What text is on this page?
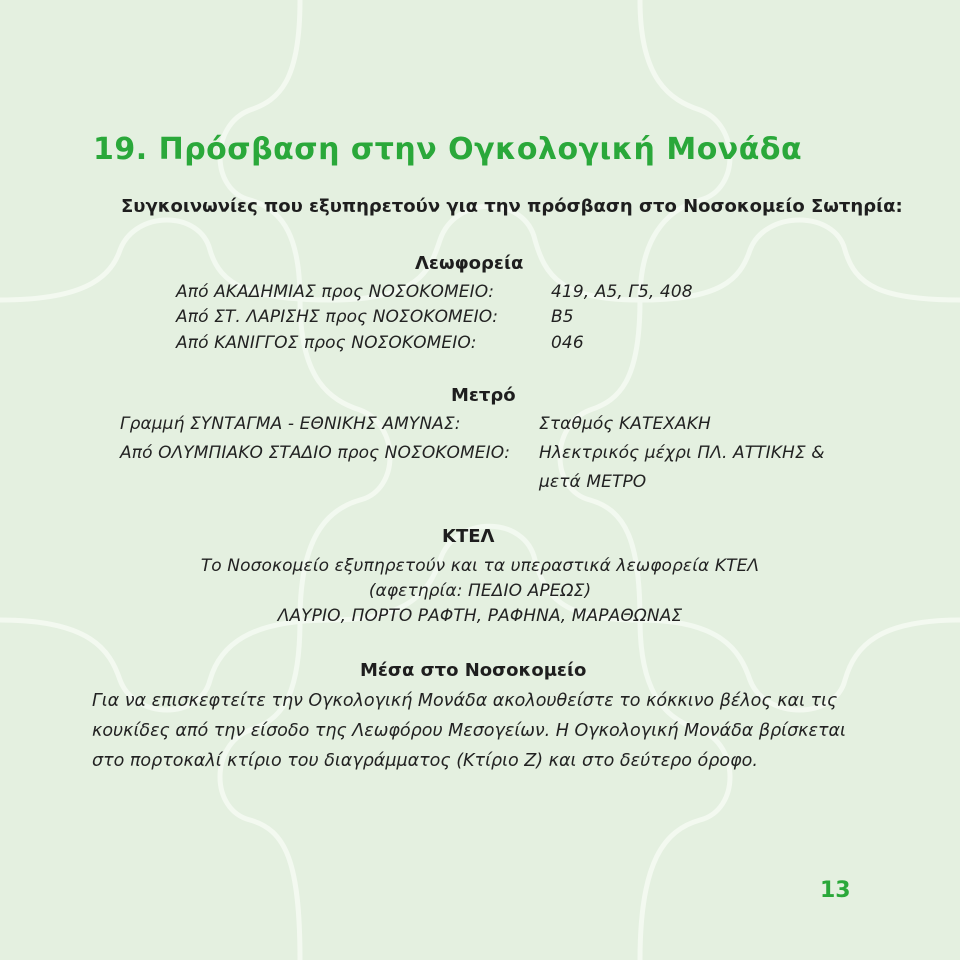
19. Πρόσβαση στην Ογκολογική Μονάδα

Συγκοινωνίες που εξυπηρετούν για την πρόσβαση στο Νοσοκομείο Σωτηρία:

Λεωφορεία
Από ΑΚΑΔΗΜΙΑΣ προς ΝΟΣΟΚΟΜΕΙΟ:	419, Α5, Γ5, 408
Από ΣΤ. ΛΑΡΙΣΗΣ προς ΝΟΣΟΚΟΜΕΙΟ:	Β5
Από ΚΑΝΙΓΓΟΣ προς ΝΟΣΟΚΟΜΕΙΟ:	046
Μετρό
Γραμμή ΣΥΝΤΑΓΜΑ - ΕΘΝΙΚΗΣ ΑΜΥΝΑΣ:	Σταθμός ΚΑΤΕΧΑΚΗ
Από ΟΛΥΜΠΙΑΚΟ ΣΤΑΔΙΟ προς ΝΟΣΟΚΟΜΕΙΟ: Ηλεκτρικός μέχρι ΠΛ. ΑΤΤΙΚΗΣ &
μετά ΜΕΤΡΟ
ΚΤΕΛ
Το Νοσοκομείο εξυπηρετούν και τα υπεραστικά λεωφορεία ΚΤΕΛ
(αφετηρία: ΠΕΔΙΟ ΑΡΕΩΣ)
ΛΑΥΡΙΟ, ΠΟΡΤΟ ΡΑΦΤΗ, ΡΑΦΗΝΑ, ΜΑΡΑΘΩΝΑΣ
Μέσα στο Νοσοκομείο

Για να επισκεφτείτε την Ογκολογική Μονάδα ακολουθείστε το κόκκινο βέλος και τις
κουκίδες από την είσοδο της Λεωφόρου Μεσογείων. Η Ογκολογική Μονάδα βρίσκεται
στο πορτοκαλί κτίριο του διαγράμματος (Κτίριο Ζ) και στο δεύτερο όροφο.

13
